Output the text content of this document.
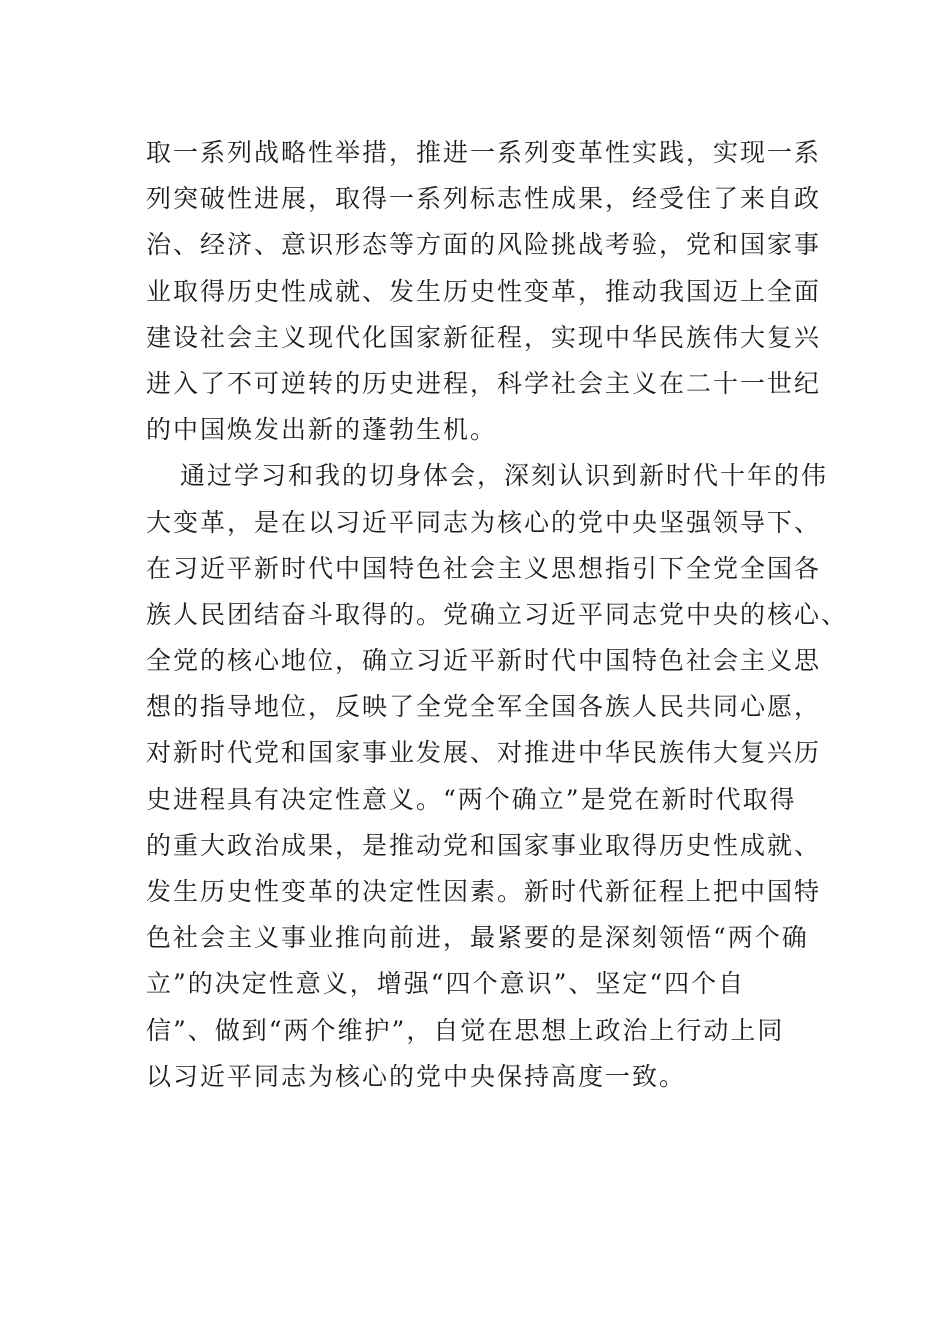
取一系列战略性举措，推进一系列变革性实践，实现一系
列突破性进展，取得一系列标志性成果，经受住了来自政
治、经济、意识形态等方面的风险挑战考验，党和国家事
业取得历史性成就、发生历史性变革，推动我国迈上全面
建设社会主义现代化国家新征程，实现中华民族伟大复兴
进入了不可逆转的历史进程，科学社会主义在二十一世纪
的中国焕发出新的蓬勃生机。
通过学习和我的切身体会，深刻认识到新时代十年的伟
大变革，是在以习近平同志为核心的党中央坚强领导下、
在习近平新时代中国特色社会主义思想指引下全党全国各
族人民团结奋斗取得的。党确立习近平同志党中央的核心、
全党的核心地位，确立习近平新时代中国特色社会主义思
想的指导地位，反映了全党全军全国各族人民共同心愿，
对新时代党和国家事业发展、对推进中华民族伟大复兴历
史进程具有决定性意义。“两个确立”是党在新时代取得
的重大政治成果，是推动党和国家事业取得历史性成就、
发生历史性变革的决定性因素。新时代新征程上把中国特
色社会主义事业推向前进，最紧要的是深刻领悟“两个确
立”的决定性意义，增强“四个意识”、坚定“四个自
信”、做到“两个维护”，自觉在思想上政治上行动上同
以习近平同志为核心的党中央保持高度一致。
